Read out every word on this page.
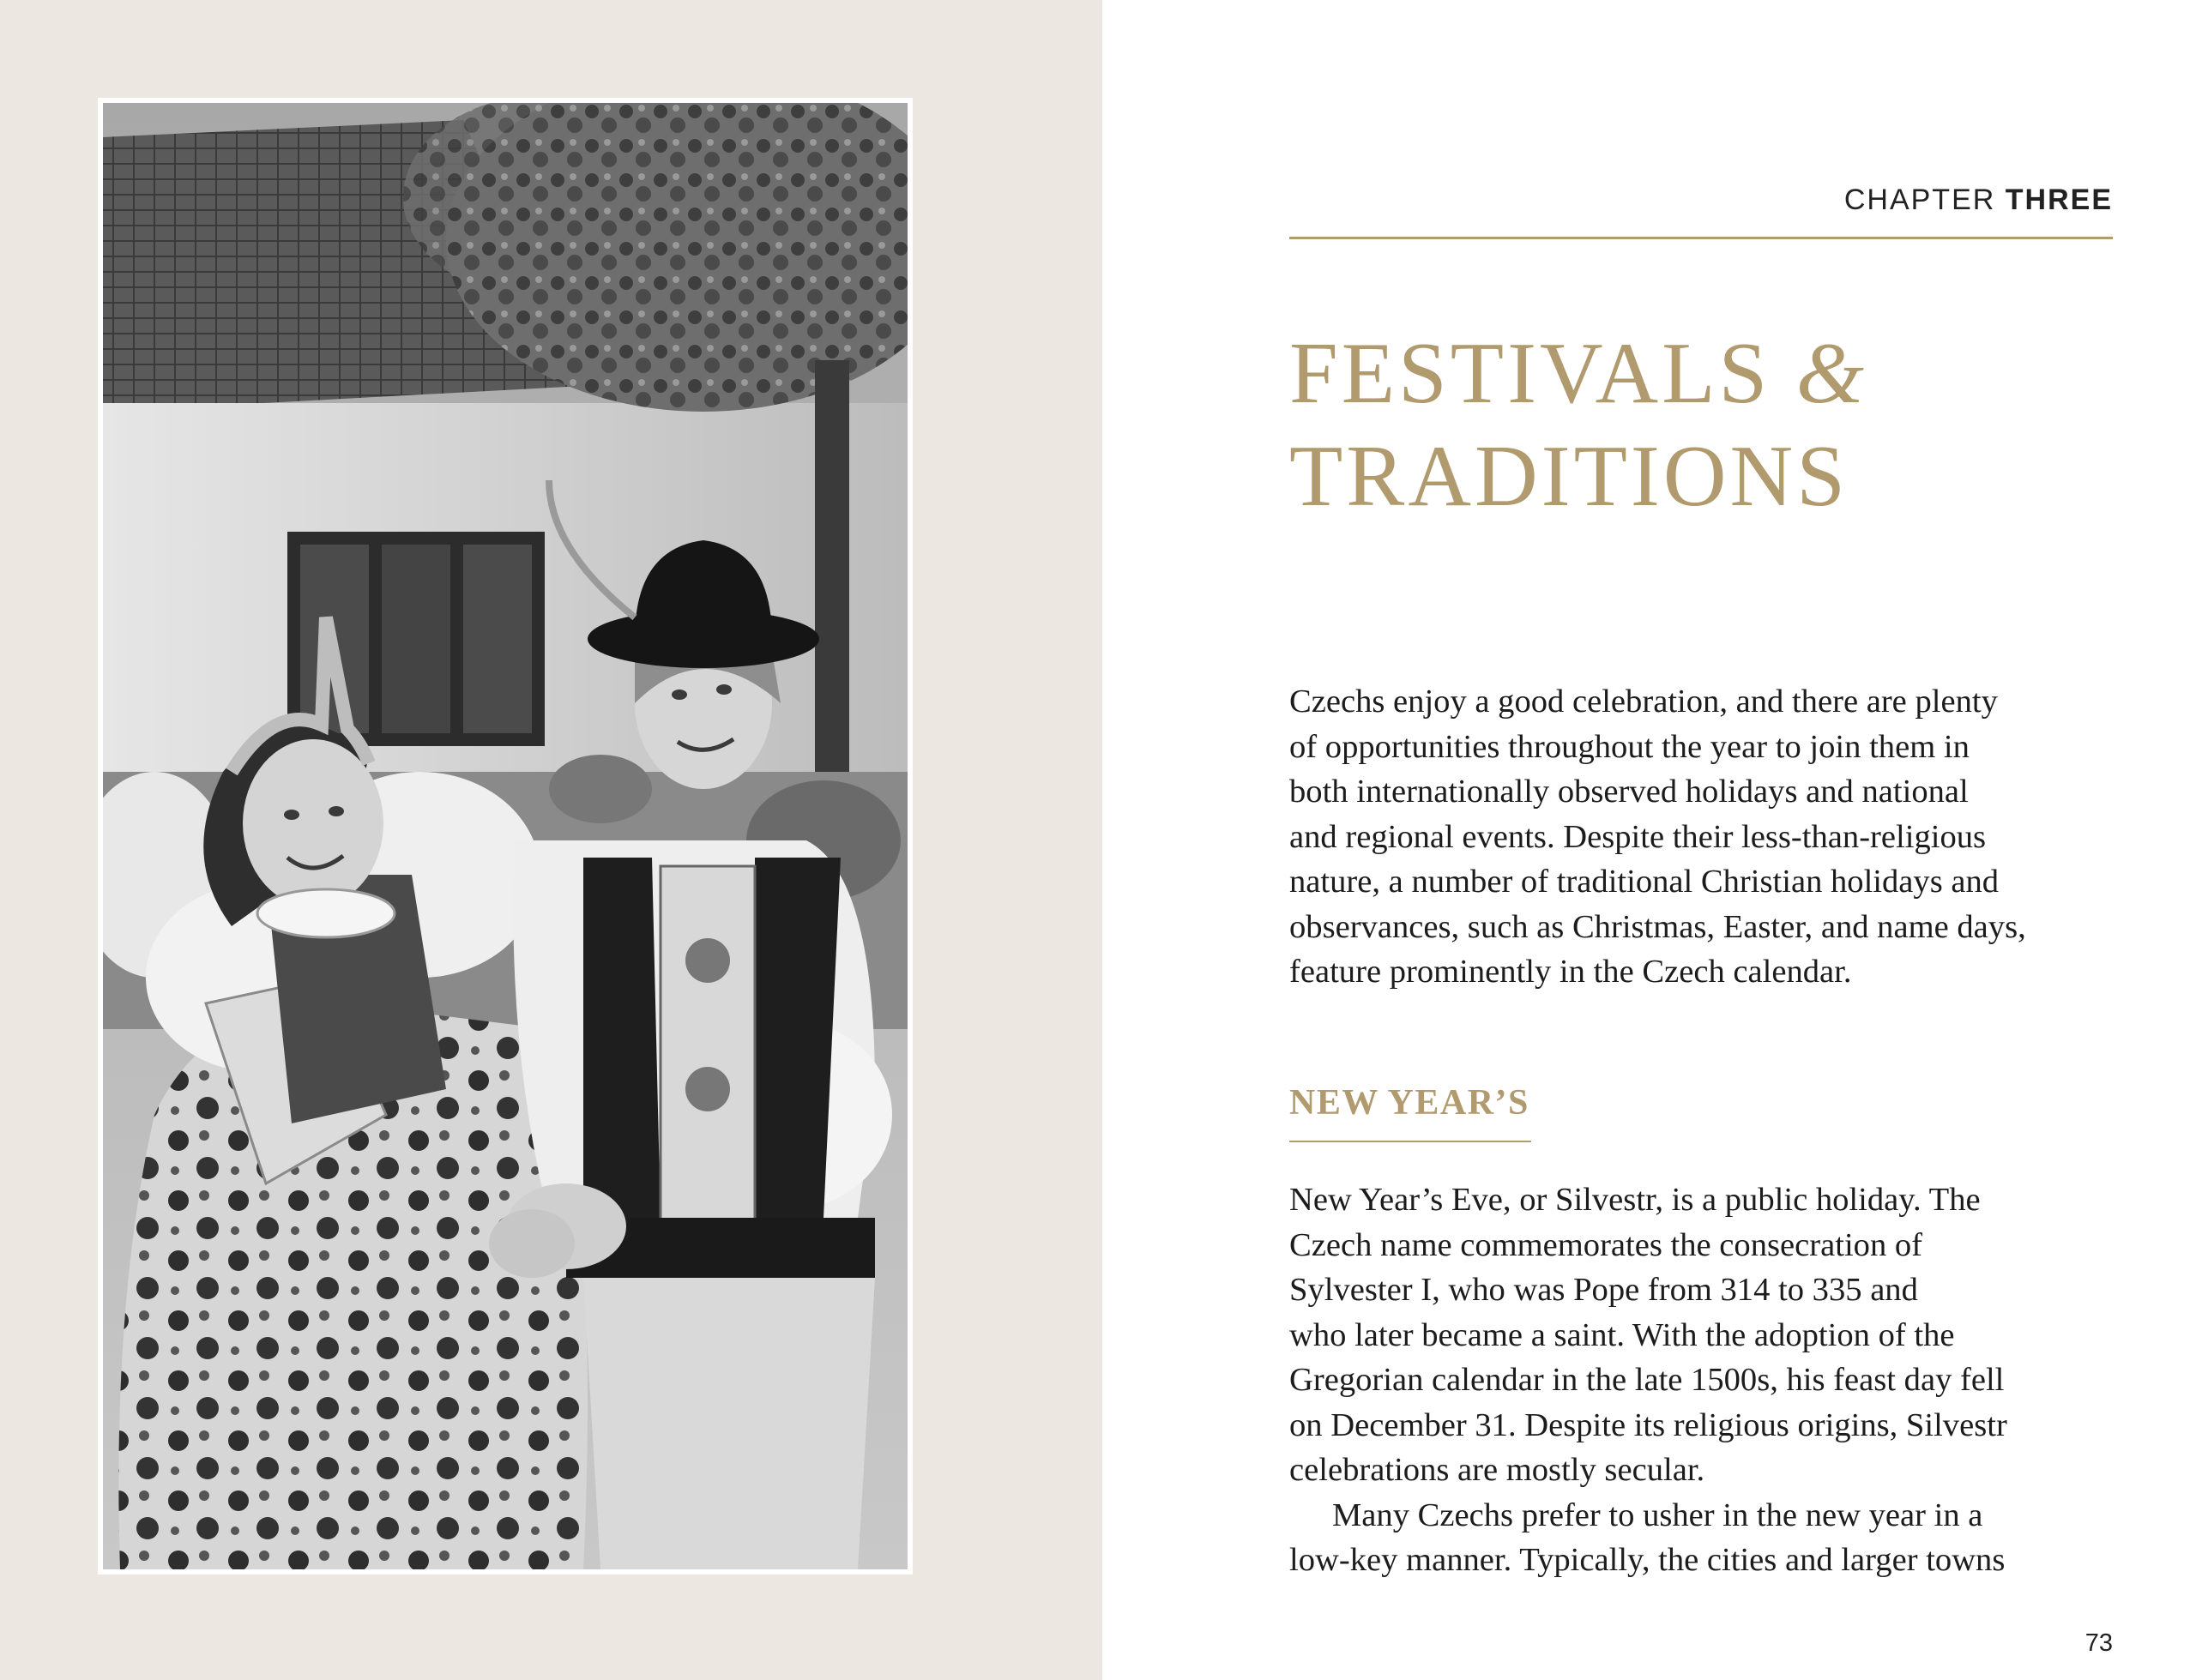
CHAPTER THREE
FESTIVALS &
TRADITIONS

Czechs enjoy a good celebration, and there are plenty
of opportunities throughout the year to join them in
both internationally observed holidays and national
and regional events. Despite their less-than-religious
nature, a number of traditional Christian holidays and
observances, such as Christmas, Easter, and name days,
feature prominently in the Czech calendar.

NEW YEAR’S

New Year’s Eve, or Silvestr, is a public holiday. The
Czech name commemorates the consecration of
Sylvester I, who was Pope from 314 to 335 and
who later became a saint. With the adoption of the
Gregorian calendar in the late 1500s, his feast day fell
on December 31. Despite its religious origins, Silvestr
celebrations are mostly secular.
Many Czechs prefer to usher in the new year in a
low-key manner. Typically, the cities and larger towns

73
